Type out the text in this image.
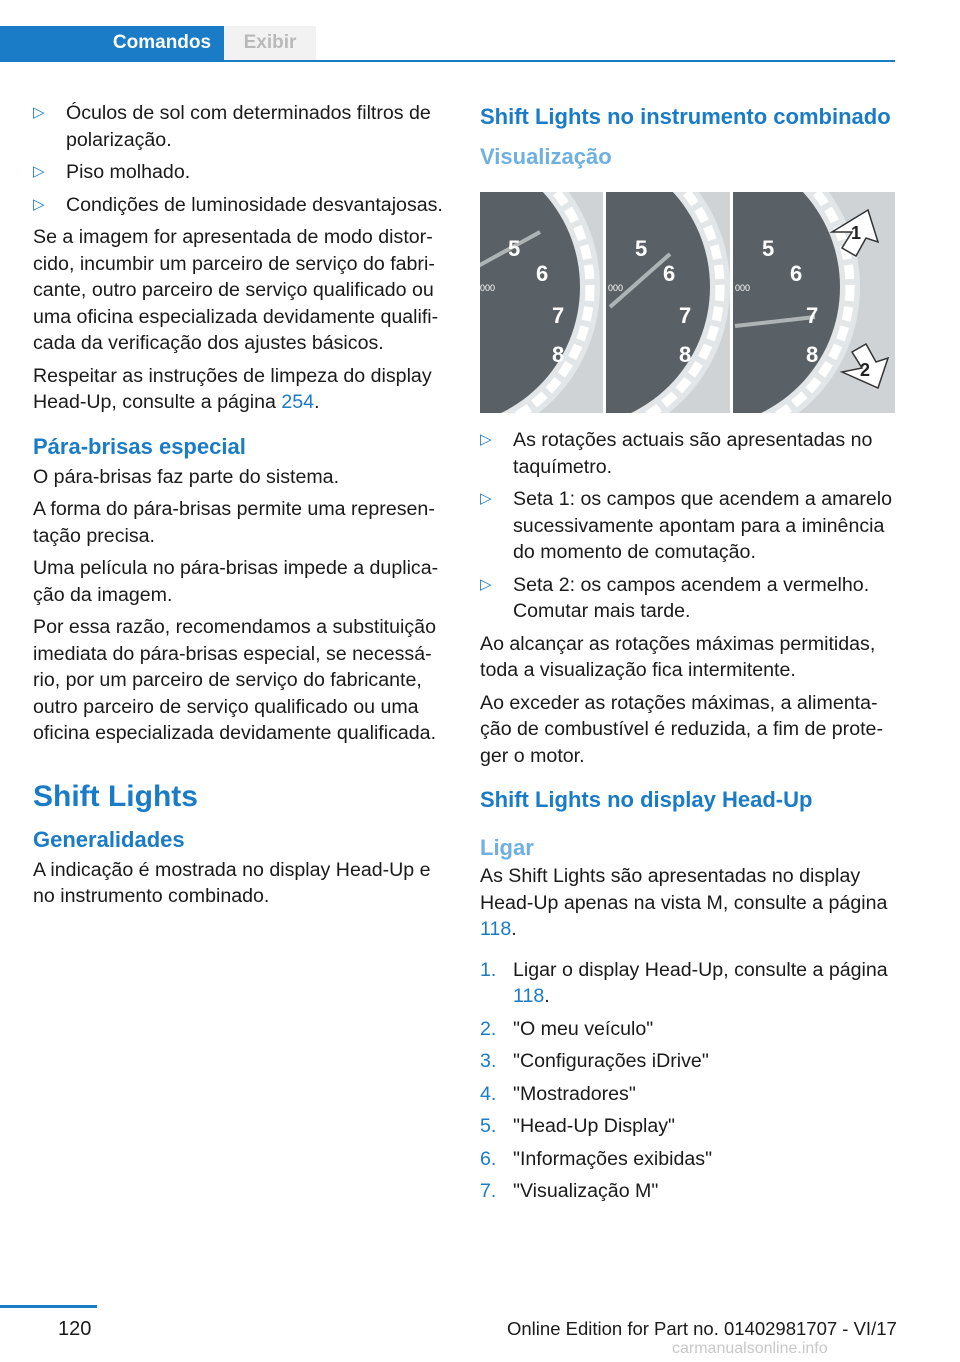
Comandos	Exibir
▷ Óculos de sol com determinados filtros de polarização.
▷ Piso molhado.
▷ Condições de luminosidade desvantajosas.

Se a imagem for apresentada de modo distorcido, incumbir um parceiro de serviço do fabricante, outro parceiro de serviço qualificado ou uma oficina especializada devidamente qualificada da verificação dos ajustes básicos.

Respeitar as instruções de limpeza do display Head-Up, consulte a página 254.

Pára-brisas especial

O pára-brisas faz parte do sistema.

A forma do pára-brisas permite uma representação precisa.

Uma película no pára-brisas impede a duplicação da imagem.

Por essa razão, recomendamos a substituição imediata do pára-brisas especial, se necessário, por um parceiro de serviço do fabricante, outro parceiro de serviço qualificado ou uma oficina especializada devidamente qualificada.

Shift Lights
Generalidades

A indicação é mostrada no display Head-Up e no instrumento combinado.

Shift Lights no instrumento combinado
Visualização
5
6
7
8
5
6
7
8
5
6
7
8
000	000	000
1
2
▷ As rotações actuais são apresentadas no taquímetro.
▷ Seta 1: os campos que acendem a amarelo sucessivamente apontam para a iminência do momento de comutação.
▷ Seta 2: os campos acendem a vermelho. Comutar mais tarde.

Ao alcançar as rotações máximas permitidas, toda a visualização fica intermitente.

Ao exceder as rotações máximas, a alimentação de combustível é reduzida, a fim de proteger o motor.

Shift Lights no display Head-Up
Ligar

As Shift Lights são apresentadas no display Head-Up apenas na vista M, consulte a página 118.

1. Ligar o display Head-Up, consulte a página 118.
2. "O meu veículo"
3. "Configurações iDrive"
4. "Mostradores"
5. "Head-Up Display"
6. "Informações exibidas"
7. "Visualização M"
120	Online Edition for Part no. 01402981707 - VI/17
carmanualsonline.info
